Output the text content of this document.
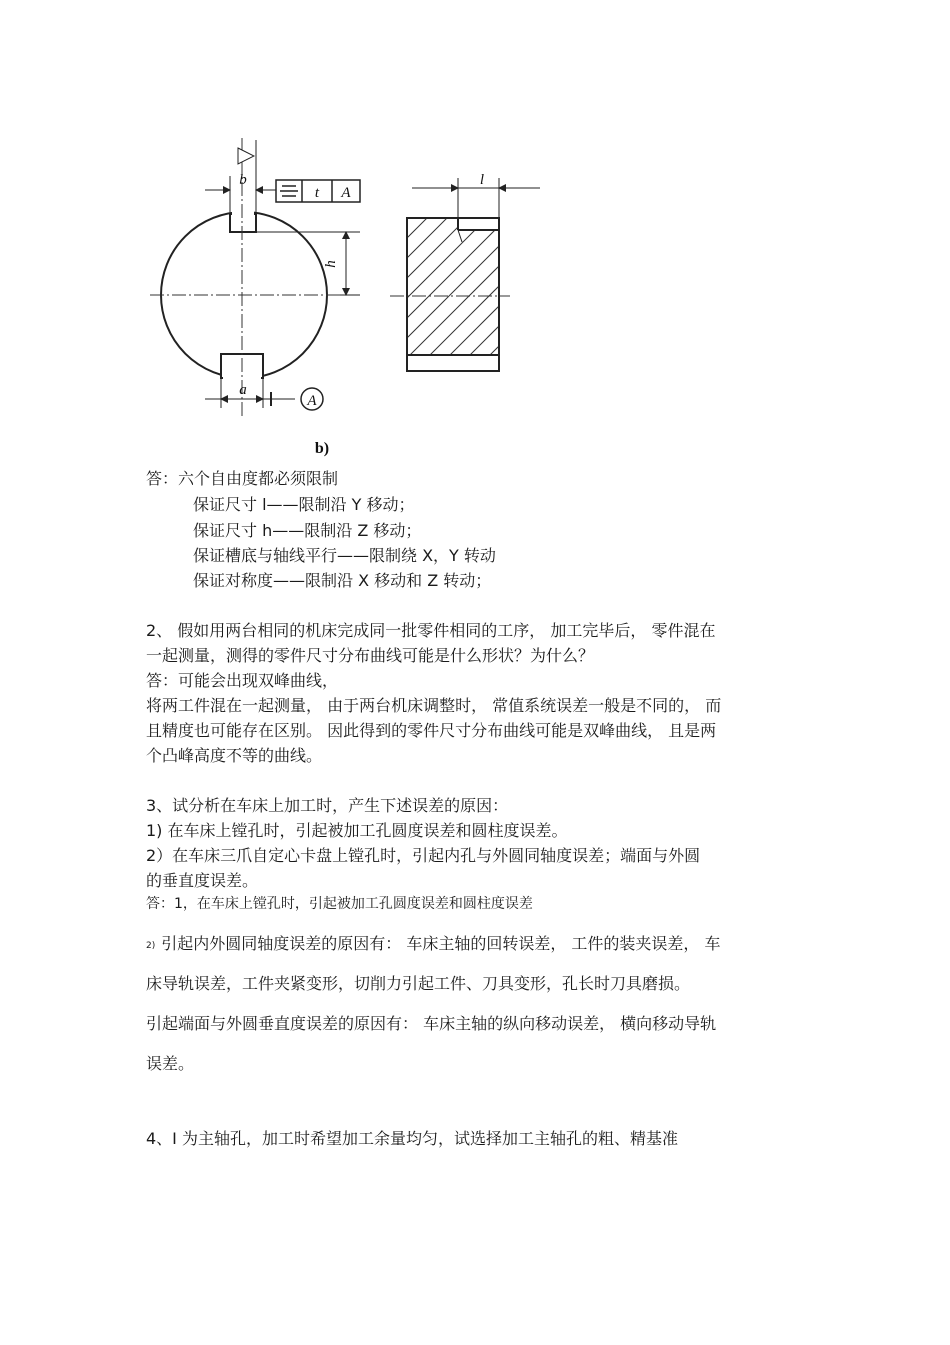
t A
b
h
a
A
l
b)
答：六个自由度都必须限制
保证尺寸 l——限制沿 Y 移动；
保证尺寸 h——限制沿 Z 移动；
保证槽底与轴线平行——限制绕 X，Y 转动
保证对称度——限制沿 X 移动和 Z 转动；
2、 假如用两台相同的机床完成同一批零件相同的工序， 加工完毕后， 零件混在
一起测量，测得的零件尺寸分布曲线可能是什么形状？为什么？
答：可能会出现双峰曲线，
将两工件混在一起测量， 由于两台机床调整时， 常值系统误差一般是不同的， 而
且精度也可能存在区别。 因此得到的零件尺寸分布曲线可能是双峰曲线， 且是两
个凸峰高度不等的曲线。
3、试分析在车床上加工时，产生下述误差的原因：
1) 在车床上镗孔时，引起被加工孔圆度误差和圆柱度误差。
2）在车床三爪自定心卡盘上镗孔时，引起内孔与外圆同轴度误差；端面与外圆
的垂直度误差。
答：1，在车床上镗孔时，引起被加工孔圆度误差和圆柱度误差
2) 引起内外圆同轴度误差的原因有： 车床主轴的回转误差， 工件的装夹误差， 车
床导轨误差，工件夹紧变形，切削力引起工件、刀具变形，孔长时刀具磨损。
引起端面与外圆垂直度误差的原因有： 车床主轴的纵向移动误差， 横向移动导轨
误差。
4、I 为主轴孔，加工时希望加工余量均匀，试选择加工主轴孔的粗、精基准
